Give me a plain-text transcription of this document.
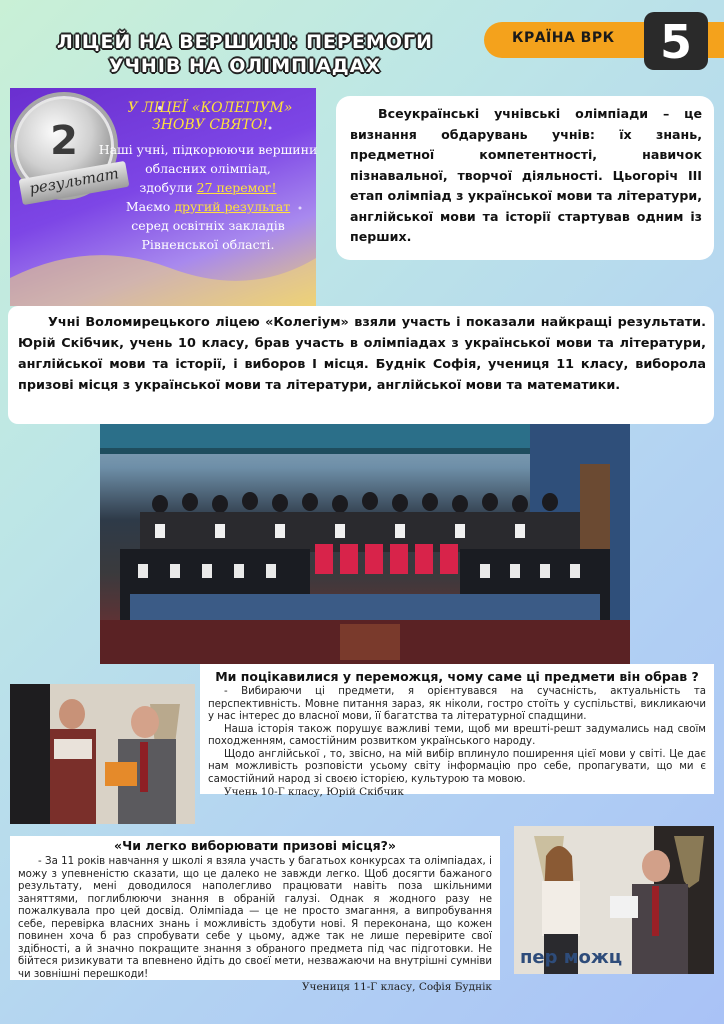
ЛІЦЕЙ НА ВЕРШИНІ: ПЕРЕМОГИ
УЧНІВ НА ОЛІМПІАДАХ
КРАЇНА ВРК 5
2
результат
У ЛІЦЕЇ «КОЛЕГІУМ»
ЗНОВУ СВЯТО!
Наші учні, підкорюючи вершини обласних олімпіад,
здобули 27 перемог!
Маємо другий результат
серед освітніх закладів Рівненської області.

Всеукраїнські учнівські олімпіади – це визнання обдарувань учнів: їх знань, предметної компетентності, навичок пізнавальної, творчої діяльності. Цьогоріч ІІІ етап олімпіад з української мови та літератури, англійської мови та історії стартував одним із перших.

Учні Воломирецького ліцею «Колегіум» взяли участь і показали найкращі результати. Юрій Скібчик, учень 10 класу, брав участь в олімпіадах з української мови та літератури, англійської мови та історії, і виборов І місця. Буднік Софія, учениця 11 класу, виборола призові місця з української мови та літератури, англійської мови та математики.

Ми поцікавилися у переможця, чому саме ці предмети він обрав ?

- Вибираючи ці предмети, я орієнтувався на сучасність, актуальність та перспективність. Мовне питання зараз, як ніколи, гостро стоїть у суспільстві, викликаючи у нас інтерес до власної мови, її багатства та літературної спадщини.

Наша історія також порушує важливі теми, щоб ми врешті-решт задумались над своїм походженням, самостійним розвитком українського народу.

Щодо англійської , то, звісно, на мій вибір вплинуло поширення цієї мови у світі. Це дає нам можливість розповісти усьому світу інформацію про себе, пропагувати, що ми є самостійний народ зі своєю історією, культурою та мовою.

Учень 10-Г класу, Юрій Скібчик
«Чи легко виборювати призові місця?»

- За 11 років навчання у школі я взяла участь у багатьох конкурсах та олімпіадах, і можу з упевненістю сказати, що це далеко не завжди легко. Щоб досягти бажаного результату, мені доводилося наполегливо працювати навіть поза шкільними заняттями, поглиблюючи знання в обраній галузі. Однак я жодного разу не пожалкувала про цей досвід. Олімпіада — це не просто змагання, а випробування себе, перевірка власних знань і можливість здобути нові. Я переконана, що кожен повинен хоча б раз спробувати себе у цьому, адже так не лише перевірите свої здібності, а й значно покращите знання з обраного предмета під час підготовки. Не бійтеся ризикувати та впевнено йдіть до своєї мети, незважаючи на внутрішні сумніви чи зовнішні перешкоди!

Учениця 11-Г класу, Софія Буднік
пер можц
